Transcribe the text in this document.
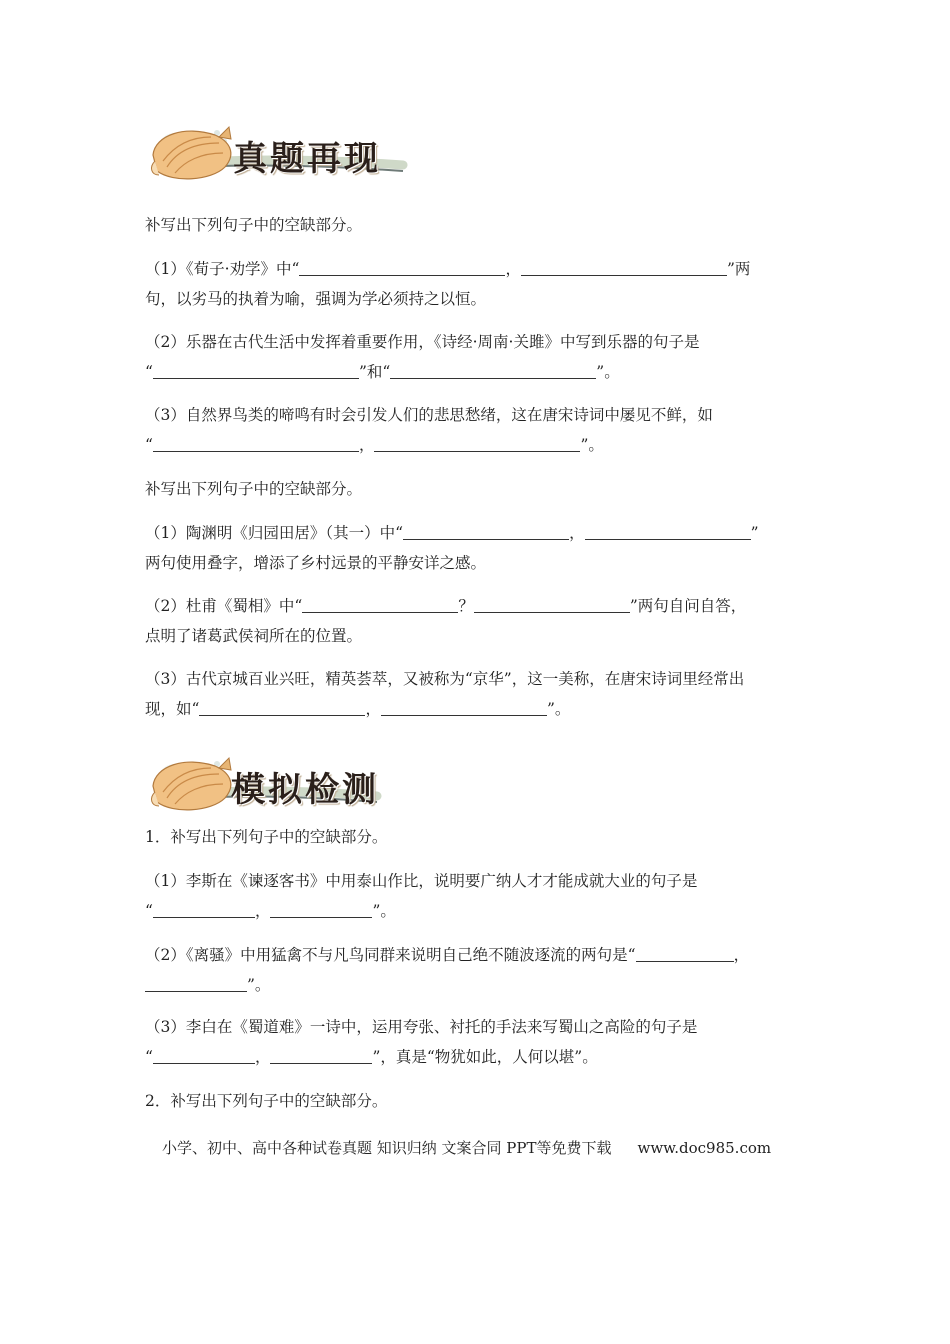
真题再现
补写出下列句子中的空缺部分。
（1）《荀子·劝学》中“	，	”两
句，以劣马的执着为喻，强调为学必须持之以恒。
（2）乐器在古代生活中发挥着重要作用，《诗经·周南·关雎》中写到乐器的句子是
“	”和“	”。
（3）自然界鸟类的啼鸣有时会引发人们的悲思愁绪，这在唐宋诗词中屡见不鲜，如
“	，	”。
补写出下列句子中的空缺部分。
（1）陶渊明《归园田居》（其一）中“	，	”
两句使用叠字，增添了乡村远景的平静安详之感。
（2）杜甫《蜀相》中“	？	”两句自问自答，
点明了诸葛武侯祠所在的位置。
（3）古代京城百业兴旺，精英荟萃，又被称为“京华”，这一美称，在唐宋诗词里经常出
现，如“	，	”。
模拟检测
1．补写出下列句子中的空缺部分。
（1）李斯在《谏逐客书》中用泰山作比，说明要广纳人才才能成就大业的句子是
“	，	”。
（2）《离骚》中用猛禽不与凡鸟同群来说明自己绝不随波逐流的两句是“	，
”。
（3）李白在《蜀道难》一诗中，运用夸张、衬托的手法来写蜀山之高险的句子是
“	，	”，真是“物犹如此，人何以堪”。
2．补写出下列句子中的空缺部分。
小学、初中、高中各种试卷真题 知识归纳 文案合同 PPT等免费下载 www.doc985.com
